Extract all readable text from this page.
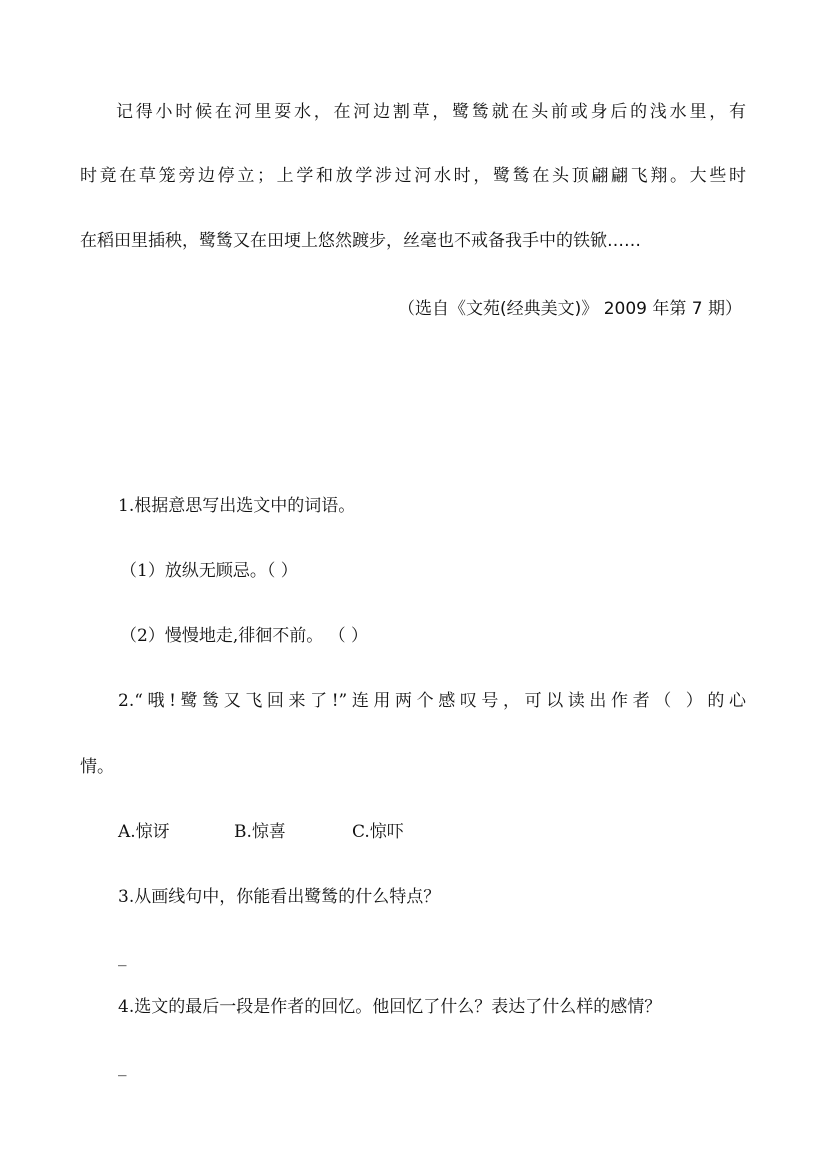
记得小时候在河里耍水，在河边割草，鹭鸶就在头前或身后的浅水里，有
时竟在草笼旁边停立；上学和放学涉过河水时，鹭鸶在头顶翩翩飞翔。大些时
在稻田里插秧，鹭鸶又在田埂上悠然踱步，丝毫也不戒备我手中的铁锨……
（选自《文苑(经典美文)》 2009 年第 7 期）
1.根据意思写出选文中的词语。
（1）放纵无顾忌。（ ）
（2）慢慢地走,徘徊不前。 （ ）
2.“哦!鹭鸶又飞回来了!”连用两个感叹号，可以读出作者（ ）的心
情。
A.惊讶	B.惊喜	C.惊吓
3.从画线句中，你能看出鹭鸶的什么特点？
_
4.选文的最后一段是作者的回忆。他回忆了什么？表达了什么样的感情？
_
